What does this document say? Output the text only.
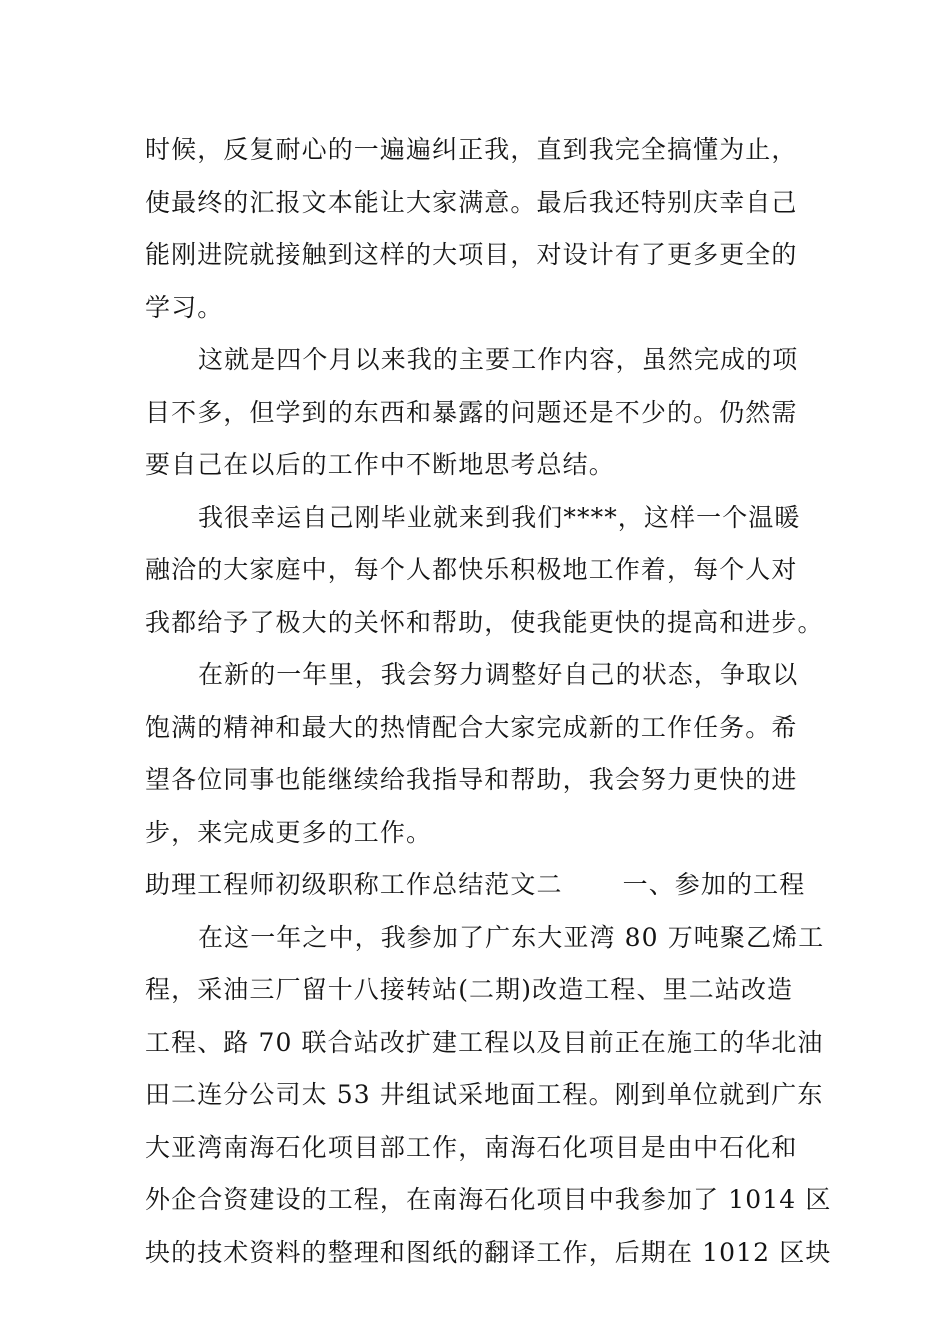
时候，反复耐心的一遍遍纠正我，直到我完全搞懂为止，
使最终的汇报文本能让大家满意。最后我还特别庆幸自己
能刚进院就接触到这样的大项目，对设计有了更多更全的
学习。
这就是四个月以来我的主要工作内容，虽然完成的项
目不多，但学到的东西和暴露的问题还是不少的。仍然需
要自己在以后的工作中不断地思考总结。
我很幸运自己刚毕业就来到我们****，这样一个温暖
融洽的大家庭中，每个人都快乐积极地工作着，每个人对
我都给予了极大的关怀和帮助，使我能更快的提高和进步。
在新的一年里，我会努力调整好自己的状态，争取以
饱满的精神和最大的热情配合大家完成新的工作任务。希
望各位同事也能继续给我指导和帮助，我会努力更快的进
步，来完成更多的工作。
助理工程师初级职称工作总结范文二 一、参加的工程
在这一年之中，我参加了广东大亚湾 80 万吨聚乙烯工
程，采油三厂留十八接转站(二期)改造工程、里二站改造
工程、路 70 联合站改扩建工程以及目前正在施工的华北油
田二连分公司太 53 井组试采地面工程。刚到单位就到广东
大亚湾南海石化项目部工作，南海石化项目是由中石化和
外企合资建设的工程，在南海石化项目中我参加了 1014 区
块的技术资料的整理和图纸的翻译工作，后期在 1012 区块
